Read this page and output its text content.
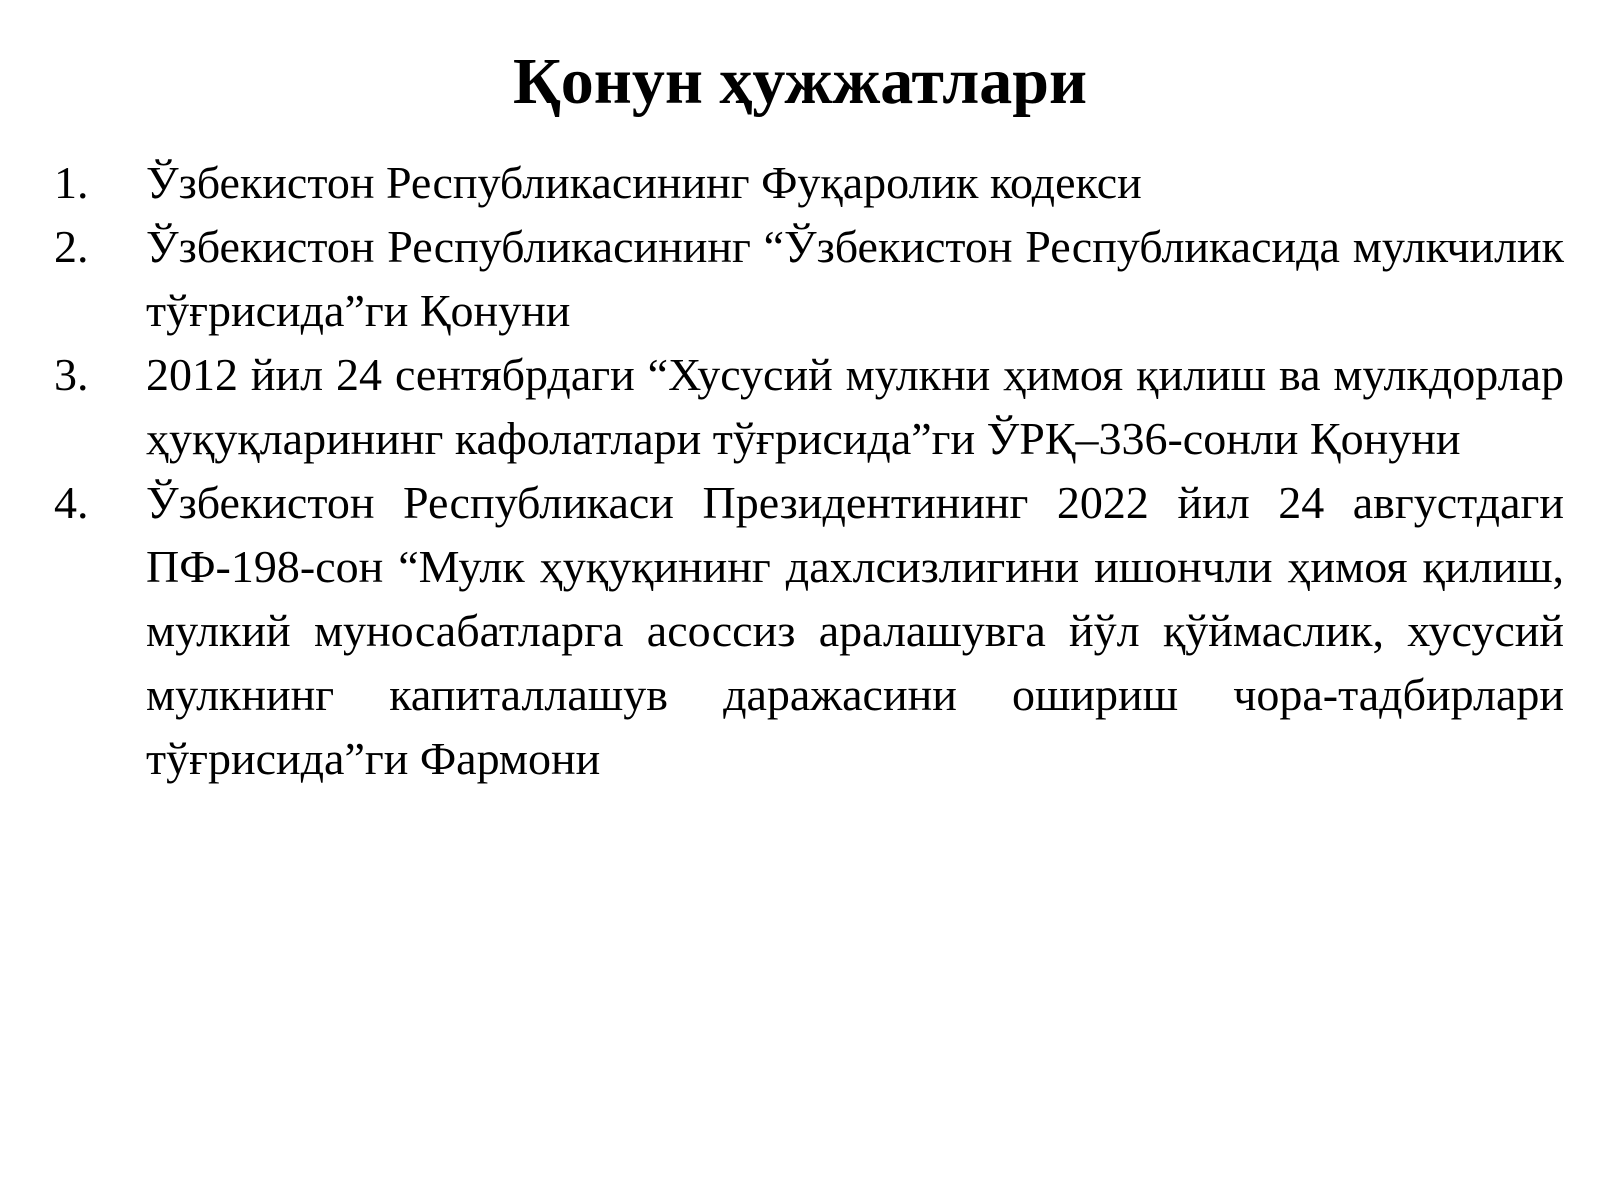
Қонун ҳужжатлари
1. Ўзбекистон Республикасининг Фуқаролик кодекси
2. Ўзбекистон Республикасининг “Ўзбекистон Республикасида мулкчилик тўғрисида”ги Қонуни
3. 2012 йил 24 сентябрдаги “Хусусий мулкни ҳимоя қилиш ва мулкдорлар ҳуқуқларининг кафолатлари тўғрисида”ги ЎРҚ–336-сонли Қонуни
4. Ўзбекистон Республикаси Президентининг 2022 йил 24 августдаги ПФ-198-сон “Мулк ҳуқуқининг дахлсизлигини ишончли ҳимоя қилиш, мулкий муносабатларга асоссиз аралашувга йўл қўймаслик, хусусий мулкнинг капиталлашув даражасини ошириш чора-тадбирлари тўғрисида”ги Фармони
